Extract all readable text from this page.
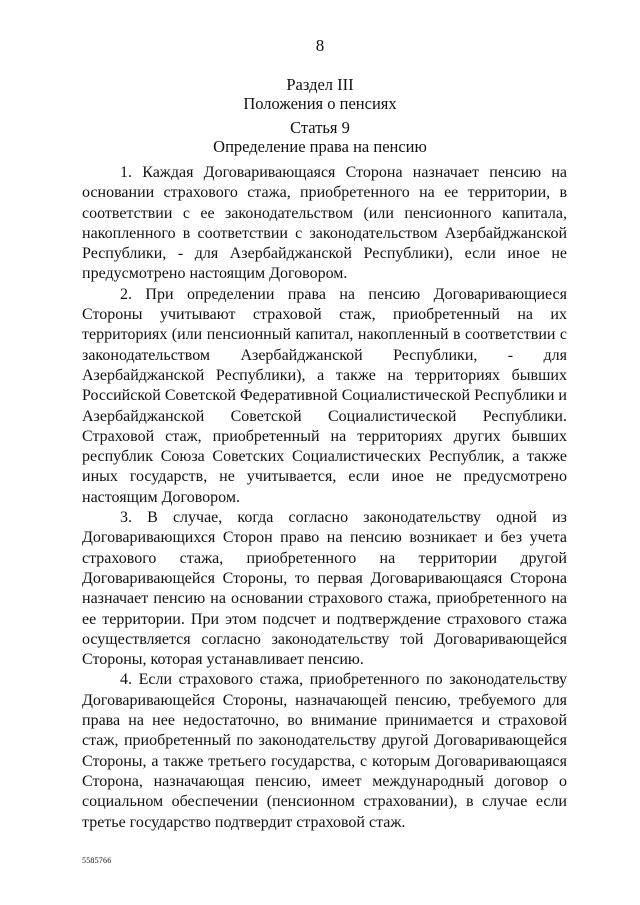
8
Раздел III
Положения о пенсиях
Статья 9
Определение права на пенсию

1. Каждая Договаривающаяся Сторона назначает пенсию на основании страхового стажа, приобретенного на ее территории, в соответствии с ее законодательством (или пенсионного капитала, накопленного в соответствии с законодательством Азербайджанской Республики, - для Азербайджанской Республики), если иное не предусмотрено настоящим Договором.

2. При определении права на пенсию Договаривающиеся Стороны учитывают страховой стаж, приобретенный на их территориях (или пенсионный капитал, накопленный в соответствии с законодательством Азербайджанской Республики, - для Азербайджанской Республики), а также на территориях бывших Российской Советской Федеративной Социалистической Республики и Азербайджанской Советской Социалистической Республики. Страховой стаж, приобретенный на территориях других бывших республик Союза Советских Социалистических Республик, а также иных государств, не учитывается, если иное не предусмотрено настоящим Договором.

3. В случае, когда согласно законодательству одной из Договаривающихся Сторон право на пенсию возникает и без учета страхового стажа, приобретенного на территории другой Договаривающейся Стороны, то первая Договаривающаяся Сторона назначает пенсию на основании страхового стажа, приобретенного на ее территории. При этом подсчет и подтверждение страхового стажа осуществляется согласно законодательству той Договаривающейся Стороны, которая устанавливает пенсию.

4. Если страхового стажа, приобретенного по законодательству Договаривающейся Стороны, назначающей пенсию, требуемого для права на нее недостаточно, во внимание принимается и страховой стаж, приобретенный по законодательству другой Договаривающейся Стороны, а также третьего государства, с которым Договаривающаяся Сторона, назначающая пенсию, имеет международный договор о социальном обеспечении (пенсионном страховании), в случае если третье государство подтвердит страховой стаж.

5585766
